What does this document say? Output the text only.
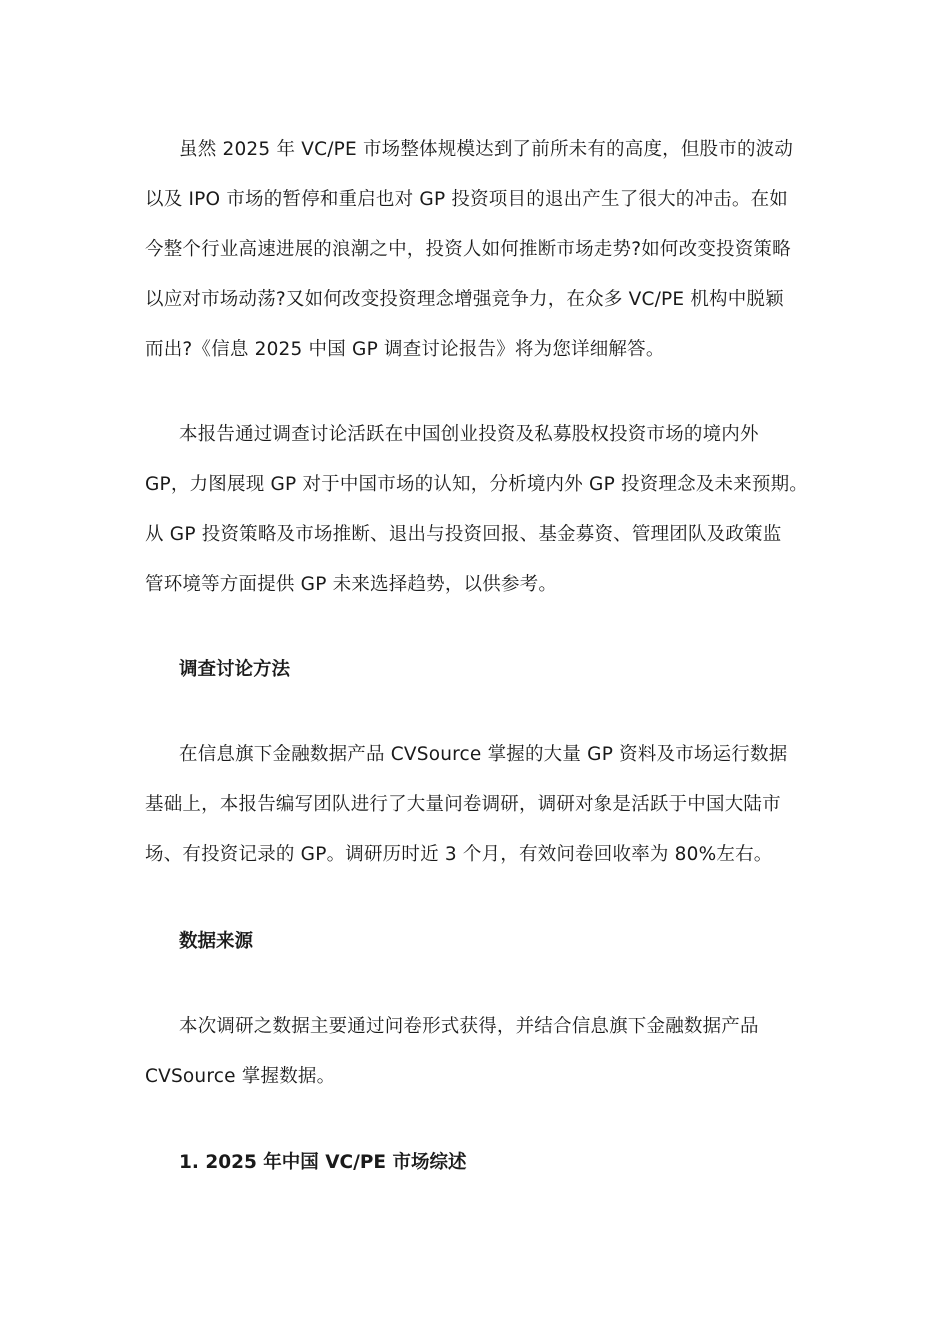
虽然 2025 年 VC/PE 市场整体规模达到了前所未有的高度，但股市的波动
以及 IPO 市场的暂停和重启也对 GP 投资项目的退出产生了很大的冲击。在如
今整个行业高速进展的浪潮之中，投资人如何推断市场走势?如何改变投资策略
以应对市场动荡?又如何改变投资理念增强竞争力，在众多 VC/PE 机构中脱颖
而出?《信息 2025 中国 GP 调查讨论报告》将为您详细解答。
本报告通过调查讨论活跃在中国创业投资及私募股权投资市场的境内外
GP，力图展现 GP 对于中国市场的认知，分析境内外 GP 投资理念及未来预期。
从 GP 投资策略及市场推断、退出与投资回报、基金募资、管理团队及政策监
管环境等方面提供 GP 未来选择趋势，以供参考。
调查讨论方法
在信息旗下金融数据产品 CVSource 掌握的大量 GP 资料及市场运行数据
基础上，本报告编写团队进行了大量问卷调研，调研对象是活跃于中国大陆市
场、有投资记录的 GP。调研历时近 3 个月，有效问卷回收率为 80%左右。
数据来源
本次调研之数据主要通过问卷形式获得，并结合信息旗下金融数据产品
CVSource 掌握数据。
1. 2025 年中国 VC/PE 市场综述
